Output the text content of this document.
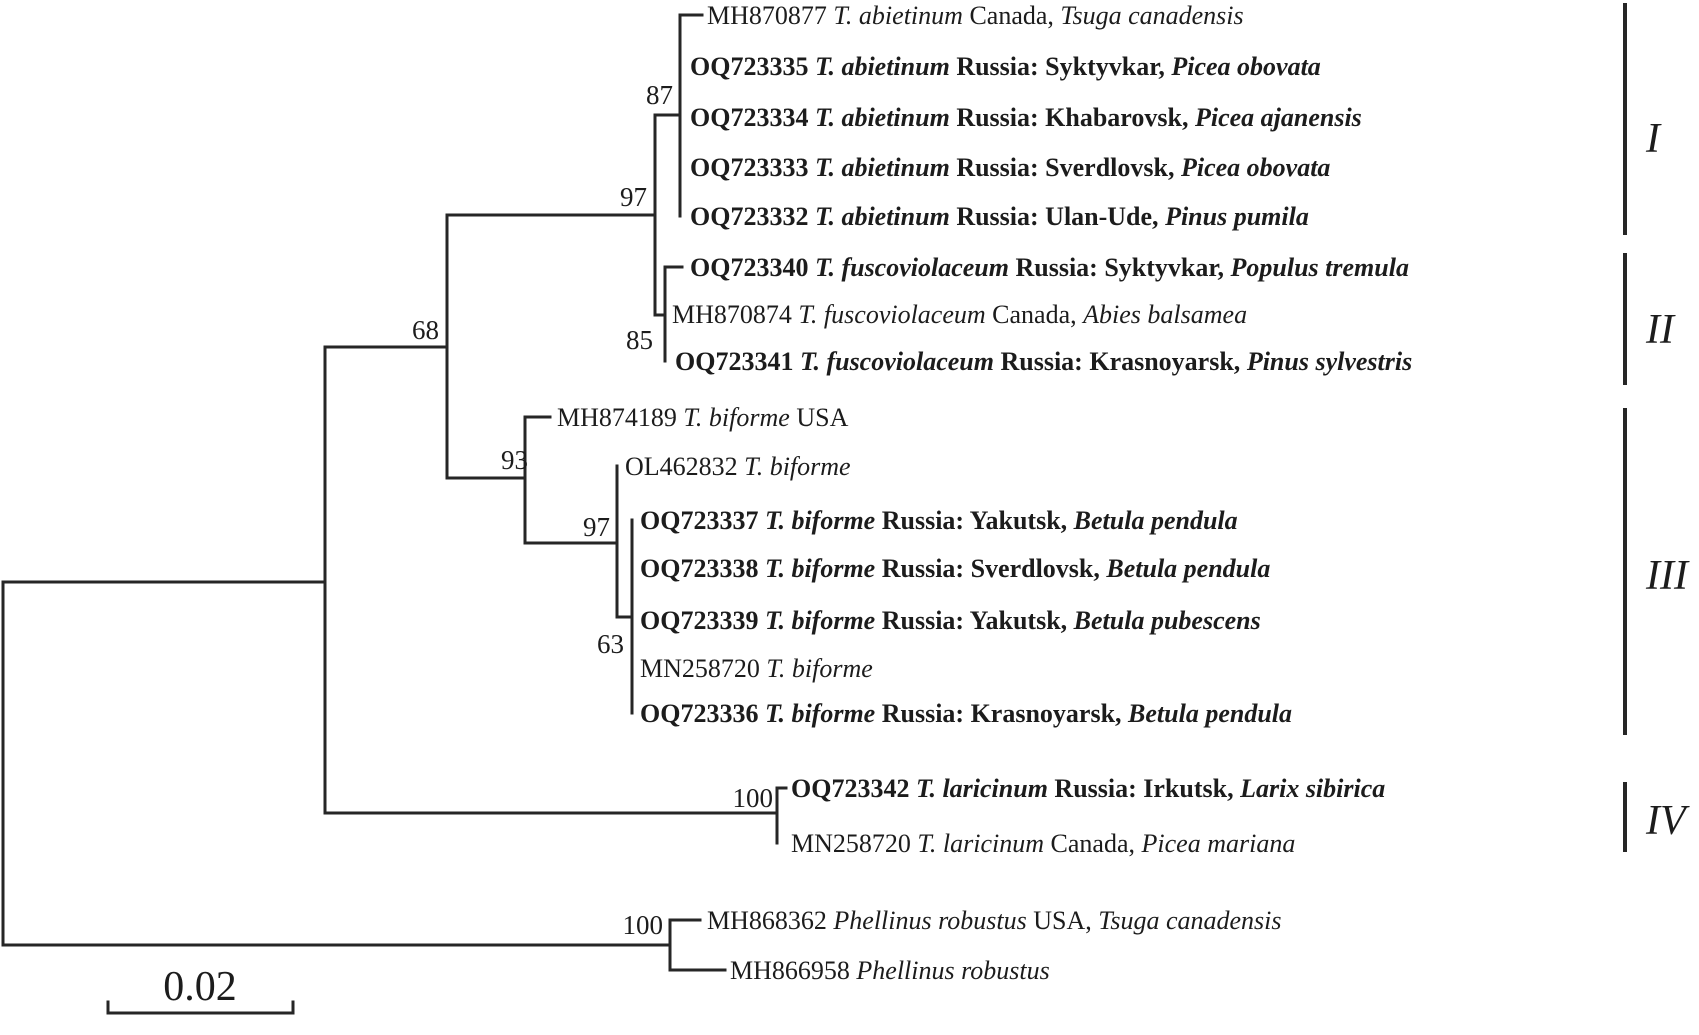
MH870877 T. abietinum Canada, Tsuga canadensis
OQ723335 T. abietinum Russia: Syktyvkar, Picea obovata
OQ723334 T. abietinum Russia: Khabarovsk, Picea ajanensis
OQ723333 T. abietinum Russia: Sverdlovsk, Picea obovata
OQ723332 T. abietinum Russia: Ulan-Ude, Pinus pumila
OQ723340 T. fuscoviolaceum Russia: Syktyvkar, Populus tremula
MH870874 T. fuscoviolaceum Canada, Abies balsamea
OQ723341 T. fuscoviolaceum Russia: Krasnoyarsk, Pinus sylvestris
MH874189 T. biforme USA
OL462832 T. biforme
OQ723337 T. biforme Russia: Yakutsk, Betula pendula
OQ723338 T. biforme Russia: Sverdlovsk, Betula pendula
OQ723339 T. biforme Russia: Yakutsk, Betula pubescens
MN258720 T. biforme
OQ723336 T. biforme Russia: Krasnoyarsk, Betula pendula
OQ723342 T. laricinum Russia: Irkutsk, Larix sibirica
MN258720 T. laricinum Canada, Picea mariana
MH868362 Phellinus robustus USA, Tsuga canadensis
MH866958 Phellinus robustus
87
97
85
68
93
97
63
100
100
I
II
III
IV
0.02
